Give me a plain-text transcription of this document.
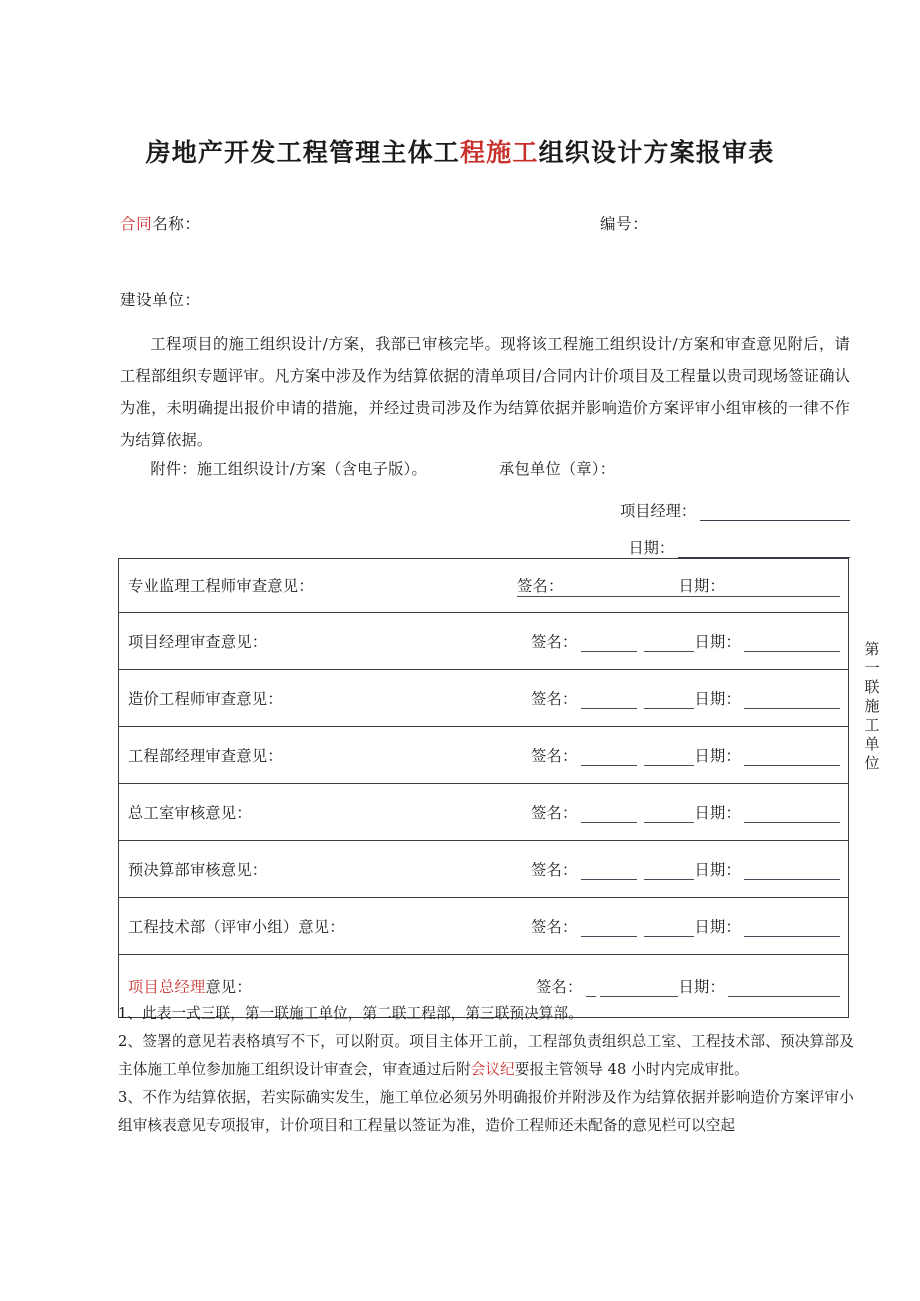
房地产开发工程管理主体工程施工组织设计方案报审表
合同名称：	编号：
建设单位：
工程项目的施工组织设计/方案，我部已审核完毕。现将该工程施工组织设计/方案和审查意见附后，请工程部组织专题评审。凡方案中涉及作为结算依据的清单项目/合同内计价项目及工程量以贵司现场签证确认为准，未明确提出报价申请的措施，并经过贵司涉及作为结算依据并影响造价方案评审小组审核的一律不作为结算依据。
附件：施工组织设计/方案（含电子版）。	承包单位（章）：
项目经理：
日期：
专业监理工程师审查意见：	签名：	日期：

项目经理审查意见：	签名：	日期：

造价工程师审查意见：	签名：	日期：

工程部经理审查意见：	签名：	日期：

总工室审核意见：	签名：	日期：

预决算部审核意见：	签名：	日期：

工程技术部（评审小组）意见：	签名：	日期：

项目总经理意见：	签名：	日期：
第一联施工单位
1、此表一式三联，第一联施工单位，第二联工程部，第三联预决算部。
2、签署的意见若表格填写不下，可以附页。项目主体开工前，工程部负责组织总工室、工程技术部、预决算部及主体施工单位参加施工组织设计审查会，审查通过后附会议纪要报主管领导 48 小时内完成审批。
3、不作为结算依据，若实际确实发生，施工单位必须另外明确报价并附涉及作为结算依据并影响造价方案评审小组审核表意见专项报审，计价项目和工程量以签证为准，造价工程师还未配备的意见栏可以空起
